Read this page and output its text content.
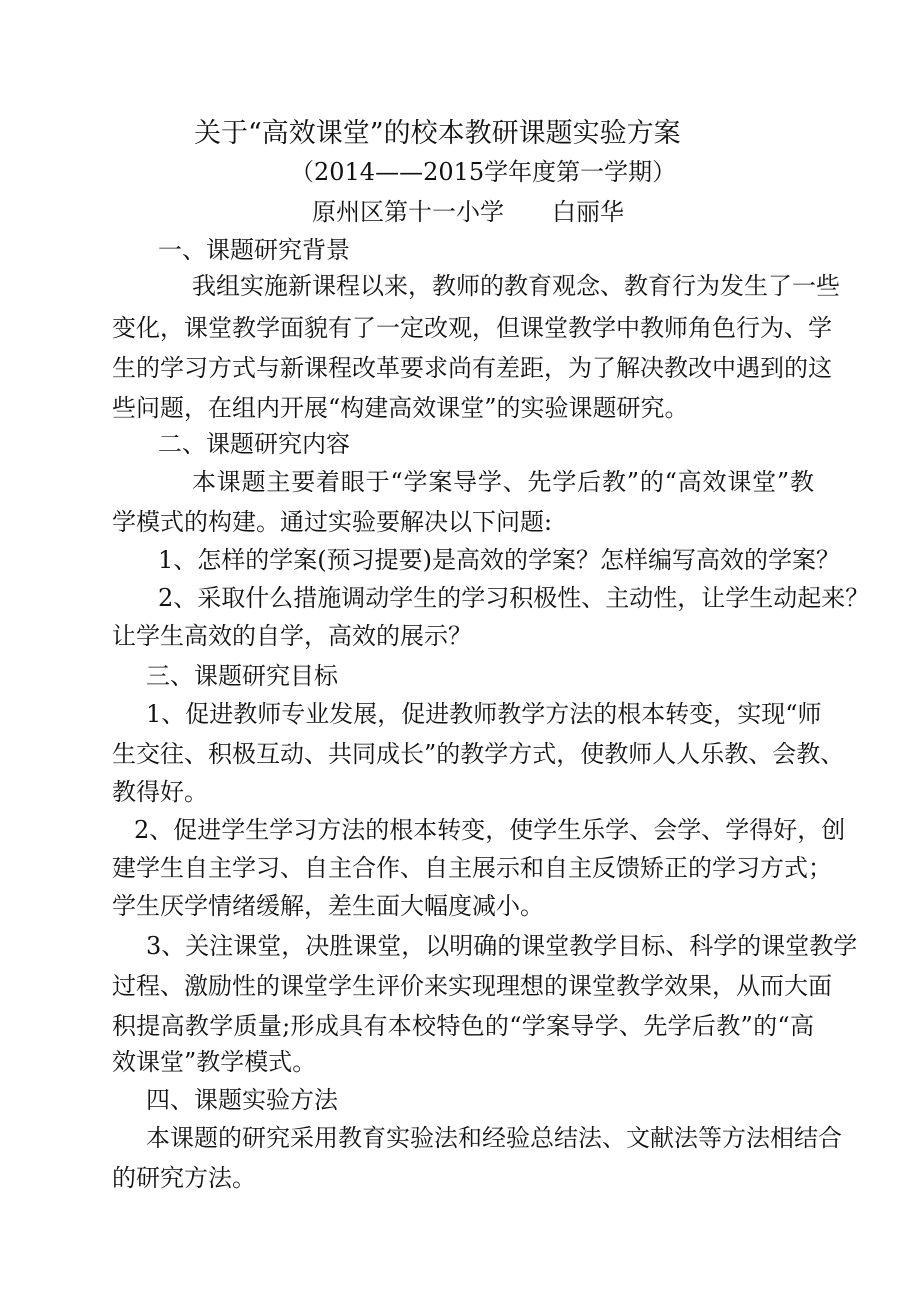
关于“高效课堂”的校本教研课题实验方案
（2014——2015学年度第一学期）
原州区第十一小学　　白丽华
一、课题研究背景
我组实施新课程以来，教师的教育观念、教育行为发生了一些
变化，课堂教学面貌有了一定改观，但课堂教学中教师角色行为、学
生的学习方式与新课程改革要求尚有差距，为了解决教改中遇到的这
些问题，在组内开展“构建高效课堂”的实验课题研究。
二、课题研究内容
本课题主要着眼于“学案导学、先学后教”的“高效课堂”教
学模式的构建。通过实验要解决以下问题:
1、怎样的学案(预习提要)是高效的学案？怎样编写高效的学案？
2、采取什么措施调动学生的学习积极性、主动性，让学生动起来？
让学生高效的自学，高效的展示？
三、课题研究目标
1、促进教师专业发展，促进教师教学方法的根本转变，实现“师
生交往、积极互动、共同成长”的教学方式，使教师人人乐教、会教、
教得好。
2、促进学生学习方法的根本转变，使学生乐学、会学、学得好，创
建学生自主学习、自主合作、自主展示和自主反馈矫正的学习方式；
学生厌学情绪缓解，差生面大幅度减小。
3、关注课堂，决胜课堂，以明确的课堂教学目标、科学的课堂教学
过程、激励性的课堂学生评价来实现理想的课堂教学效果，从而大面
积提高教学质量;形成具有本校特色的“学案导学、先学后教”的“高
效课堂”教学模式。
四、课题实验方法
本课题的研究采用教育实验法和经验总结法、文献法等方法相结合
的研究方法。
